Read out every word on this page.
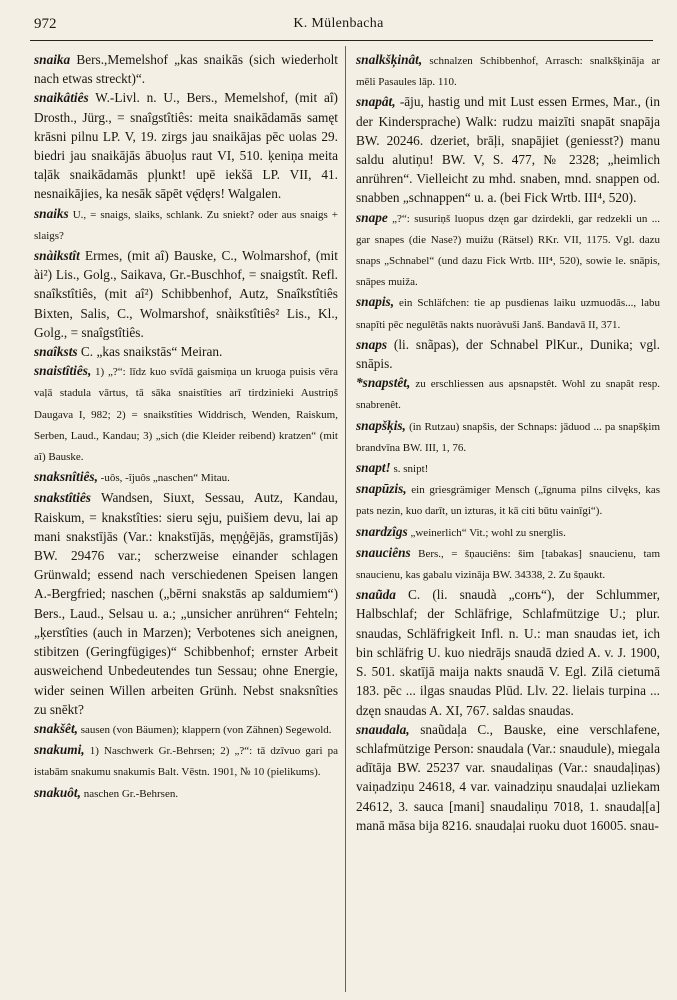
972	K. Mülenbacha

snaika Bers.,Memelshof „kas snaikās (sich wiederholt nach etwas streckt)“.

snaikâtiês W.-Livl. n. U., Bers., Memelshof, (mit aî) Drosth., Jürg., = snaîgstîtiês: meita snaikādamās samęt krāsni pilnu LP. V, 19. zirgs jau snaikājas pēc uolas 29. biedri jau snaikājās ābuoļus raut VI, 510. ķeniņa meita taļāk snaikādamās pļunkt! upē iekšā LP. VII, 41. nesnaikājies, ka nesāk sāpēt vę̄dęrs! Walgalen.

snaiks U., = snaigs, slaiks, schlank. Zu sniekt? oder aus snaigs + slaigs?

snàikstît Ermes, (mit aî) Bauske, C., Wolmarshof, (mit ài²) Lis., Golg., Saikava, Gr.-Buschhof, = snaigstît. Refl. snaîkstîtiês, (mit aî²) Schibbenhof, Autz, Snaîkstîtiês Bixten, Salis, C., Wolmarshof, snàikstîtiês² Lis., Kl., Golg., = snaîgstîtiês.

snaîksts C. „kas snaikstās“ Meiran.

snaistîtiês, 1) „?“: līdz kuo svīdā gaismiņa un kruoga puisis vēra vaļā stadula vārtus, tā sāka snaistīties arī tirdzinieki Austriņš Daugava I, 982; 2) = snaikstîties Widdrisch, Wenden, Raiskum, Serben, Laud., Kandau; 3) „sich (die Kleider reibend) kratzen“ (mit aî) Bauske.

snaksnîtiês, -uôs, -îjuôs „naschen“ Mitau.

snakstîtiês Wandsen, Siuxt, Sessau, Autz, Kandau, Raiskum, = knakstîties: sieru sęju, puišiem devu, lai ap mani snakstījās (Var.: knakstījās, męņģējās, gramstījās) BW. 29476 var.; scherzweise einander schlagen Grünwald; essend nach verschiedenen Speisen langen A.-Bergfried; naschen („bērni snakstās ap saldumiem“) Bers., Laud., Selsau u. a.; „unsicher anrühren“ Fehteln; „ķerstîties (auch in Marzen); Verbotenes sich aneignen, stibitzen (Geringfügiges)“ Schibbenhof; ernster Arbeit ausweichend Unbedeutendes tun Sessau; ohne Energie, wider seinen Willen arbeiten Grünh. Nebst snaksnîties zu snēkt?

snakšêt, sausen (von Bäumen); klappern (von Zähnen) Segewold.

snakumi, 1) Naschwerk Gr.-Behrsen; 2) „?“: tā dzīvuo gari pa istabām snakumu snakumis Balt. Vēstn. 1901, № 10 (pielikums).

snakuôt, naschen Gr.-Behrsen.

snalkšķinât, schnalzen Schibbenhof, Arrasch: snalkšķināja ar mēli Pasaules lāp. 110.

snapât, -āju, hastig und mit Lust essen Ermes, Mar., (in der Kindersprache) Walk: rudzu maizīti snapāt snapāja BW. 20246. dzeriet, brāļi, snapājiet (geniesst?) manu saldu alutiņu! BW. V, S. 477, № 2328; „heimlich anrühren“. Vielleicht zu mhd. snaben, mnd. snappen od. snabben „schnappen“ u. a. (bei Fick Wrtb. III⁴, 520).

snape „?“: susuriņš luopus dzęn gar dzirdekli, gar redzekli un ... gar snapes (die Nase?) muižu (Rätsel) RKr. VII, 1175. Vgl. dazu snaps „Schnabel“ (und dazu Fick Wrtb. III⁴, 520), sowie le. snāpis, snāpes muiža.

snapis, ein Schläfchen: tie ap pusdienas laiku uzmuodās..., labu snapīti pēc negulētās nakts nuoràvuši Janš. Bandavā II, 371.

snaps (li. snãpas), der Schnabel PlKur., Dunika; vgl. snāpis.

*snapstêt, zu erschliessen aus apsnapstêt. Wohl zu snapât resp. snabrenêt.

snapšķis, (in Rutzau) snapšis, der Schnaps: jāduod ... pa snapšķim brandvīna BW. III, 1, 76.

snapt! s. snipt!

snapūzis, ein griesgrämiger Mensch („īgnuma pilns cilvęks, kas pats nezin, kuo darīt, un izturas, it kā citi būtu vainīgi“).

snardzîgs „weinerlich“ Vit.; wohl zu snerglis.

snauciêns Bers., = šņauciêns: šim [tabakas] snaucienu, tam snaucienu, kas gabalu vizināja BW. 34338, 2. Zu šņaukt.

snaũda C. (li. snaudà „сонъ“), der Schlummer, Halbschlaf; der Schläfrige, Schlafmützige U.; plur. snaudas, Schläfrigkeit Infl. n. U.: man snaudas iet, ich bin schläfrig U. kuo niedrājs snaudā dzied A. v. J. 1900, S. 501. skatījā maija nakts snaudā V. Egl. Zilā cietumā 183. pēc ... ilgas snaudas Plūd. Llv. 22. lielais turpina ... dzęn snaudas A. XI, 767. saldas snaudas.

snaudala, snaũdaļa C., Bauske, eine verschlafene, schlafmützige Person: snaudala (Var.: snaudule), miegala adītāja BW. 25237 var. snaudaliņas (Var.: snaudaļiņas) vaiņadziņu 24618, 4 var. vainadziņu snaudaļai uzliekam 24612, 3. sauca [mani] snaudaliņu 7018, 1. snaudaļ[a] manā māsa bija 8216. snaudaļai ruoku duot 16005. snau-
